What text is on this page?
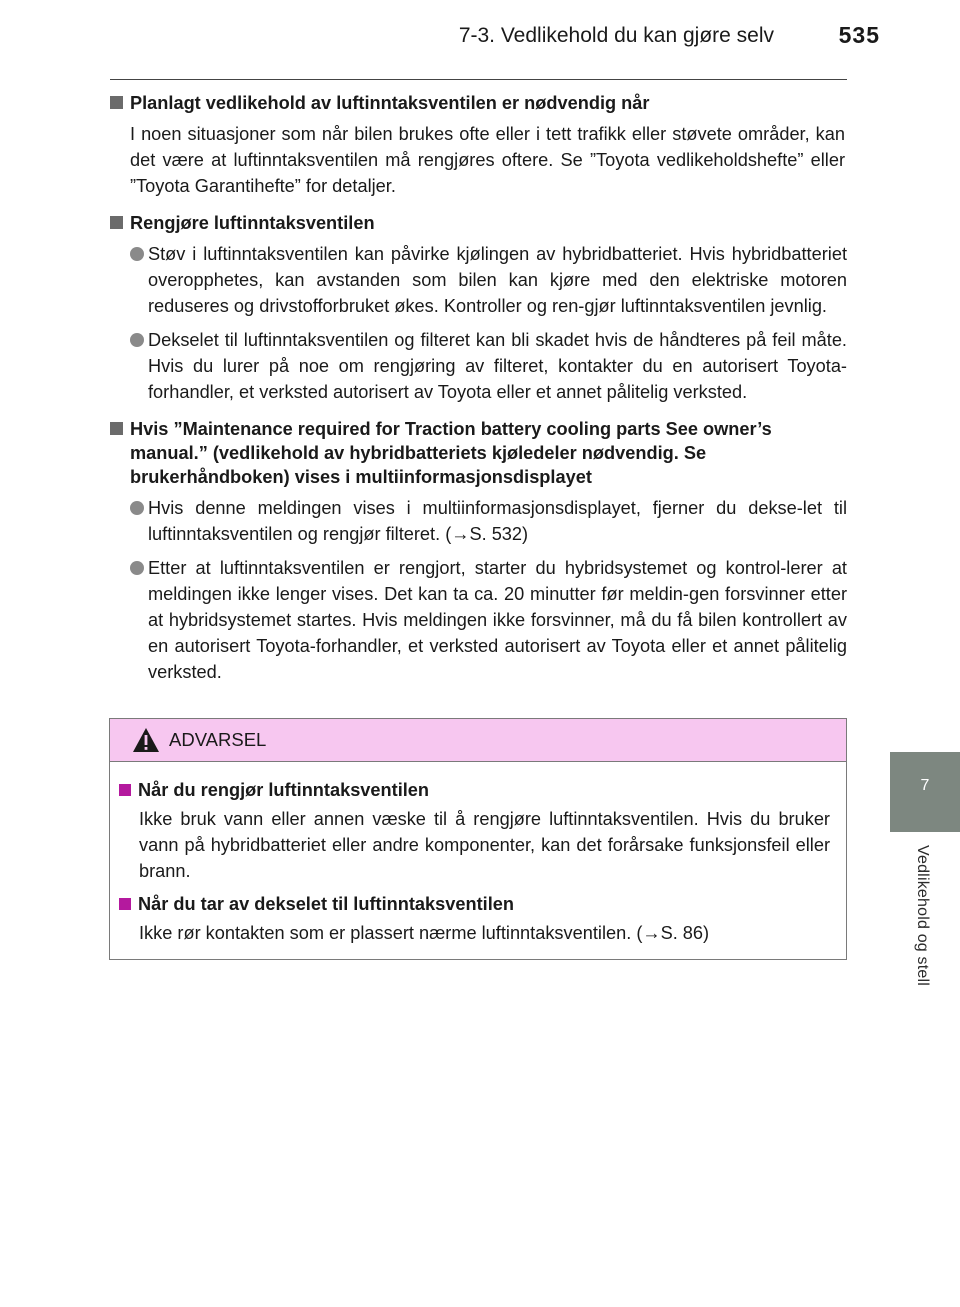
7-3. Vedlikehold du kan gjøre selv	535
7
Vedlikehold og stell
Planlagt vedlikehold av luftinntaksventilen er nødvendig når
I noen situasjoner som når bilen brukes ofte eller i tett trafikk eller støvete områder, kan det være at luftinntaksventilen må rengjøres oftere. Se ”Toyota vedlikeholdshefte” eller ”Toyota Garantihefte” for detaljer.
Rengjøre luftinntaksventilen
Støv i luftinntaksventilen kan påvirke kjølingen av hybridbatteriet. Hvis hybridbatteriet overopphetes, kan avstanden som bilen kan kjøre med den elektriske motoren reduseres og drivstofforbruket økes. Kontroller og ren-gjør luftinntaksventilen jevnlig.
Dekselet til luftinntaksventilen og filteret kan bli skadet hvis de håndteres på feil måte. Hvis du lurer på noe om rengjøring av filteret, kontakter du en autorisert Toyota-forhandler, et verksted autorisert av Toyota eller et annet pålitelig verksted.
Hvis ”Maintenance required for Traction battery cooling parts See owner’s manual.” (vedlikehold av hybridbatteriets kjøledeler nødvendig. Se brukerhåndboken) vises i multiinformasjonsdisplayet
Hvis denne meldingen vises i multiinformasjonsdisplayet, fjerner du dekse-let til luftinntaksventilen og rengjør filteret. (→S. 532)
Etter at luftinntaksventilen er rengjort, starter du hybridsystemet og kontrol-lerer at meldingen ikke lenger vises. Det kan ta ca. 20 minutter før meldin-gen forsvinner etter at hybridsystemet startes. Hvis meldingen ikke forsvinner, må du få bilen kontrollert av en autorisert Toyota-forhandler, et verksted autorisert av Toyota eller et annet pålitelig verksted.
ADVARSEL
Når du rengjør luftinntaksventilen
Ikke bruk vann eller annen væske til å rengjøre luftinntaksventilen. Hvis du bruker vann på hybridbatteriet eller andre komponenter, kan det forårsake funksjonsfeil eller brann.
Når du tar av dekselet til luftinntaksventilen
Ikke rør kontakten som er plassert nærme luftinntaksventilen. (→S. 86)
